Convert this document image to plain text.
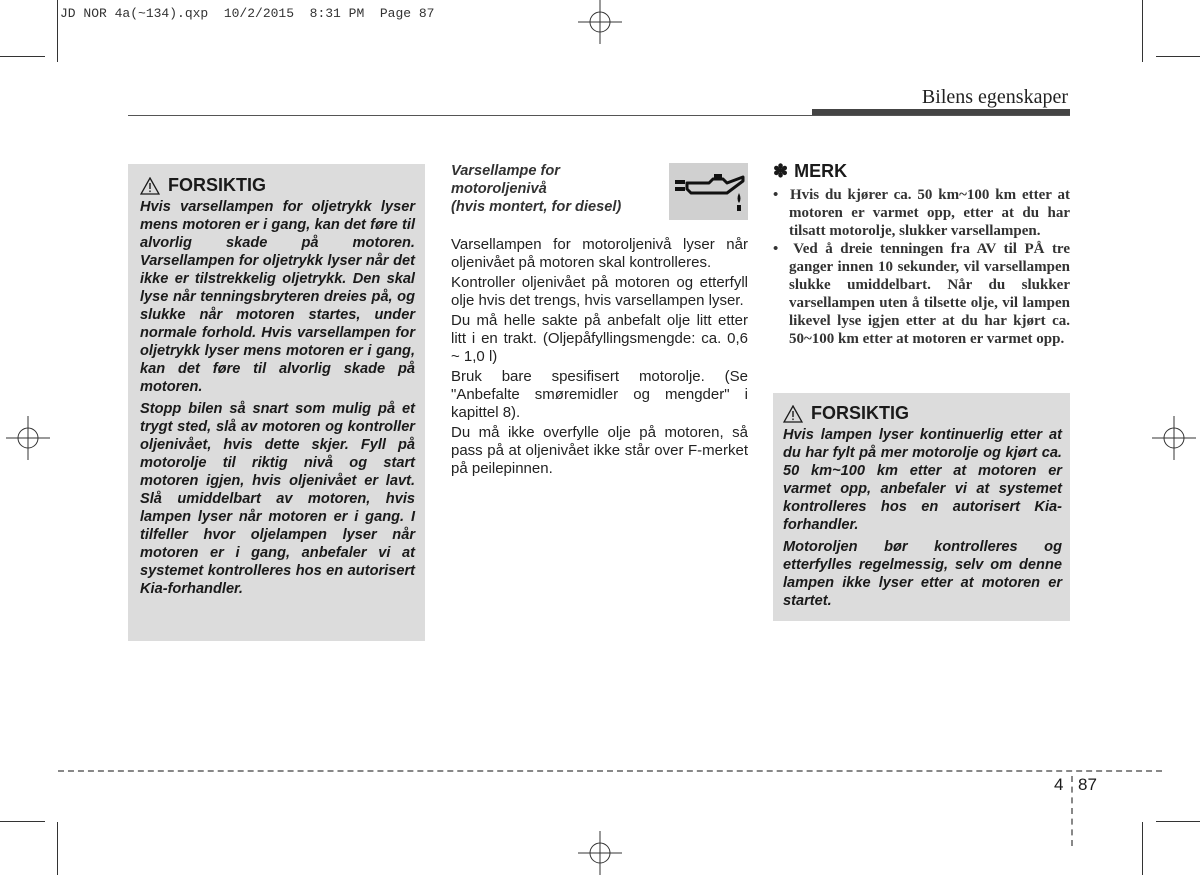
JD NOR 4a(~134).qxp  10/2/2015  8:31 PM  Page 87
Bilens egenskaper
FORSIKTIG

Hvis varsellampen for oljetrykk lyser mens motoren er i gang, kan det føre til alvorlig skade på motoren. Varsellampen for oljetrykk lyser når det ikke er tilstrekkelig oljetrykk. Den skal lyse når tenningsbryteren dreies på, og slukke når motoren startes, under normale forhold. Hvis varsellampen for oljetrykk lyser mens motoren er i gang, kan det føre til alvorlig skade på motoren.

Stopp bilen så snart som mulig på et trygt sted, slå av motoren og kontroller oljenivået, hvis dette skjer. Fyll på motorolje til riktig nivå og start motoren igjen, hvis oljenivået er lavt. Slå umiddelbart av motoren, hvis lampen lyser når motoren er i gang. I tilfeller hvor oljelampen lyser når motoren er i gang, anbefaler vi at systemet kontrolleres hos en autorisert Kia-forhandler.

Varsellampe for
motoroljenivå
(hvis montert, for diesel)

Varsellampen for motoroljenivå lyser når oljenivået på motoren skal kontrolleres.

Kontroller oljenivået på motoren og etterfyll olje hvis det trengs, hvis varsellampen lyser.

Du må helle sakte på anbefalt olje litt etter litt i en trakt. (Oljepåfyllingsmengde: ca. 0,6 ~ 1,0 l)

Bruk bare spesifisert motorolje. (Se "Anbefalte smøremidler og mengder" i kapittel 8).

Du må ikke overfylle olje på motoren, så pass på at oljenivået ikke står over F-merket på peilepinnen.

✽ MERK

•  Hvis du kjører ca. 50 km~100 km etter at motoren er varmet opp, etter at du har tilsatt motorolje, slukker varsellampen.

•  Ved å dreie tenningen fra AV til PÅ tre ganger innen 10 sekunder, vil varsellampen slukke umiddelbart. Når du slukker varsellampen uten å tilsette olje, vil lampen likevel lyse igjen etter at du har kjørt ca. 50~100 km etter at motoren er varmet opp.

FORSIKTIG

Hvis lampen lyser kontinuerlig etter at du har fylt på mer motorolje og kjørt ca. 50 km~100 km etter at motoren er varmet opp, anbefaler vi at systemet kontrolleres hos en autorisert Kia-forhandler.

Motoroljen bør kontrolleres og etterfylles regelmessig, selv om denne lampen ikke lyser etter at motoren er startet.

4 87
